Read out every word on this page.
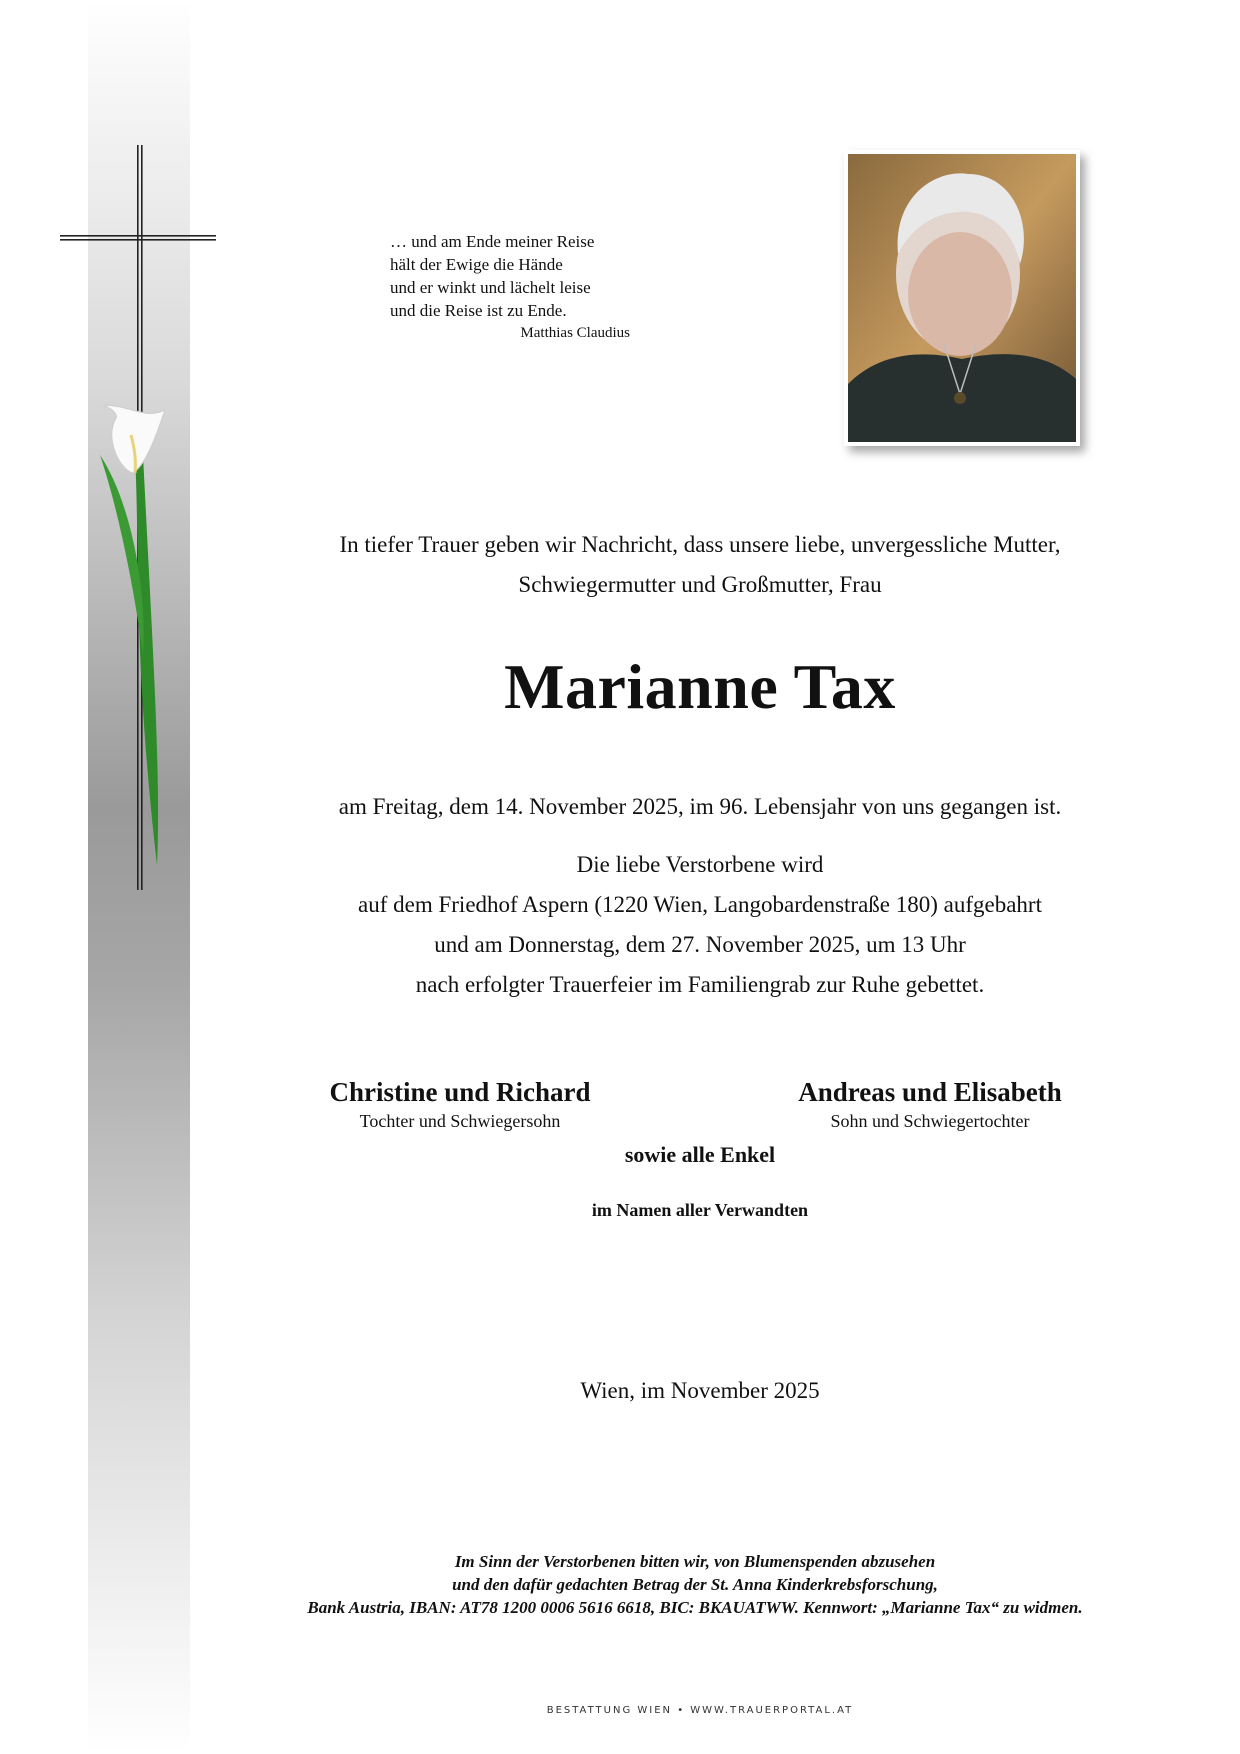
… und am Ende meiner Reise
hält der Ewige die Hände
und er winkt und lächelt leise
und die Reise ist zu Ende.
Matthias Claudius
In tiefer Trauer geben wir Nachricht, dass unsere liebe, unvergessliche Mutter,
Schwiegermutter und Großmutter, Frau
Marianne Tax
am Freitag, dem 14. November 2025, im 96. Lebensjahr von uns gegangen ist.
Die liebe Verstorbene wird
auf dem Friedhof Aspern (1220 Wien, Langobardenstraße 180) aufgebahrt
und am Donnerstag, dem 27. November 2025, um 13 Uhr
nach erfolgter Trauerfeier im Familiengrab zur Ruhe gebettet.
Christine und Richard
Tochter und Schwiegersohn
Andreas und Elisabeth
Sohn und Schwiegertochter
sowie alle Enkel
im Namen aller Verwandten
Wien, im November 2025
Im Sinn der Verstorbenen bitten wir, von Blumenspenden abzusehen
und den dafür gedachten Betrag der St. Anna Kinderkrebsforschung,
Bank Austria, IBAN: AT78 1200 0006 5616 6618, BIC: BKAUATWW. Kennwort: „Marianne Tax“ zu widmen.
BESTATTUNG WIEN • WWW.TRAUERPORTAL.AT
